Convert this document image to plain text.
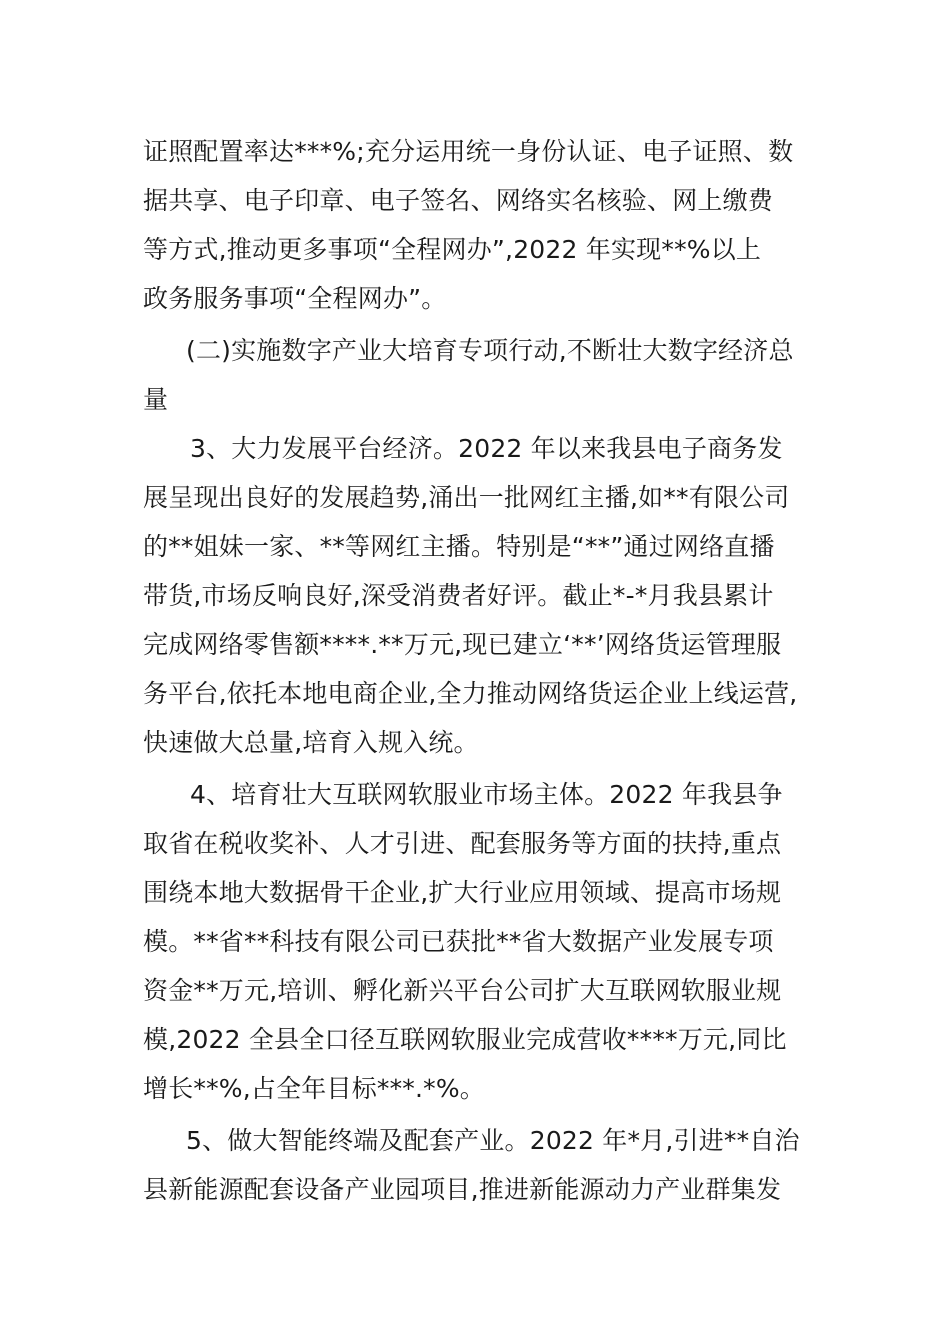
证照配置率达***%;充分运用统一身份认证、电子证照、数
据共享、电子印章、电子签名、网络实名核验、网上缴费
等方式,推动更多事项“全程网办”,2022 年实现**%以上
政务服务事项“全程网办”。
(二)实施数字产业大培育专项行动,不断壮大数字经济总
量
3、大力发展平台经济。2022 年以来我县电子商务发
展呈现出良好的发展趋势,涌出一批网红主播,如**有限公司
的**姐妹一家、**等网红主播。特别是“**”通过网络直播
带货,市场反响良好,深受消费者好评。截止*-*月我县累计
完成网络零售额****.**万元,现已建立‘**’网络货运管理服
务平台,依托本地电商企业,全力推动网络货运企业上线运营,
快速做大总量,培育入规入统。
4、培育壮大互联网软服业市场主体。2022 年我县争
取省在税收奖补、人才引进、配套服务等方面的扶持,重点
围绕本地大数据骨干企业,扩大行业应用领域、提高市场规
模。**省**科技有限公司已获批**省大数据产业发展专项
资金**万元,培训、孵化新兴平台公司扩大互联网软服业规
模,2022 全县全口径互联网软服业完成营收****万元,同比
增长**%,占全年目标***.*%。
5、做大智能终端及配套产业。2022 年*月,引进**自治
县新能源配套设备产业园项目,推进新能源动力产业群集发
